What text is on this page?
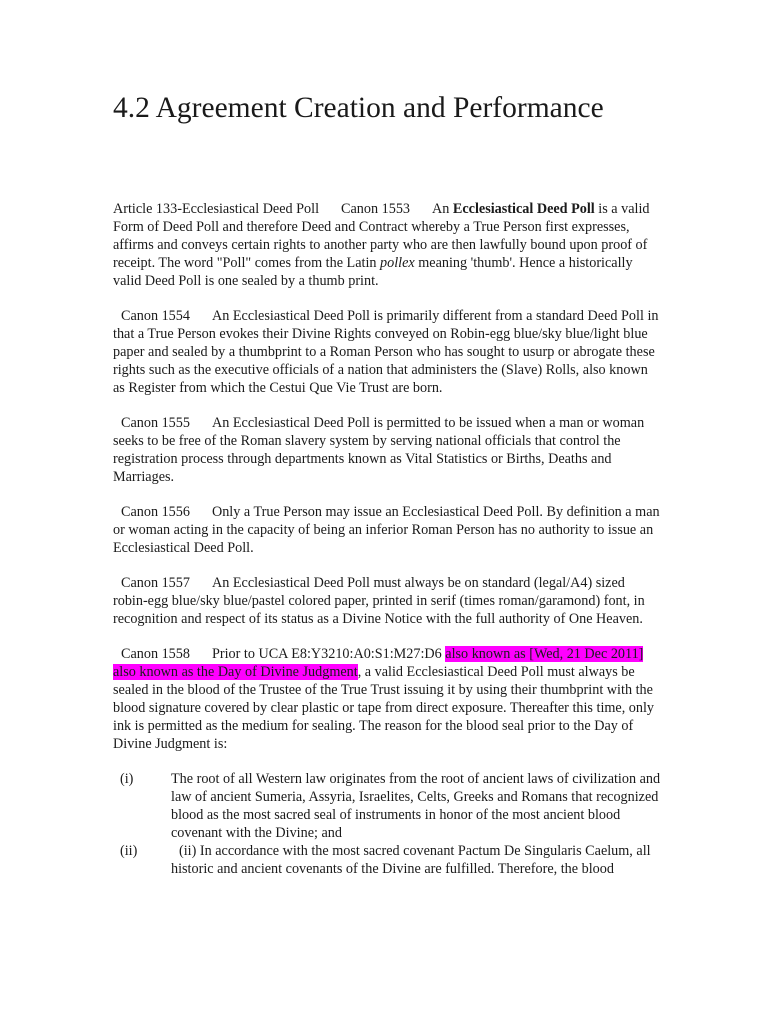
4.2 Agreement Creation and Performance

Article 133-Ecclesiastical Deed Poll Canon 1553 An Ecclesiastical Deed Poll is a valid Form of Deed Poll and therefore Deed and Contract whereby a True Person first expresses, affirms and conveys certain rights to another party who are then lawfully bound upon proof of receipt. The word "Poll" comes from the Latin pollex meaning 'thumb'. Hence a historically valid Deed Poll is one sealed by a thumb print.

Canon 1554 An Ecclesiastical Deed Poll is primarily different from a standard Deed Poll in that a True Person evokes their Divine Rights conveyed on Robin-egg blue/sky blue/light blue paper and sealed by a thumbprint to a Roman Person who has sought to usurp or abrogate these rights such as the executive officials of a nation that administers the (Slave) Rolls, also known as Register from which the Cestui Que Vie Trust are born.

Canon 1555 An Ecclesiastical Deed Poll is permitted to be issued when a man or woman seeks to be free of the Roman slavery system by serving national officials that control the registration process through departments known as Vital Statistics or Births, Deaths and Marriages.

Canon 1556 Only a True Person may issue an Ecclesiastical Deed Poll. By definition a man or woman acting in the capacity of being an inferior Roman Person has no authority to issue an Ecclesiastical Deed Poll.

Canon 1557 An Ecclesiastical Deed Poll must always be on standard (legal/A4) sized robin-egg blue/sky blue/pastel colored paper, printed in serif (times roman/garamond) font, in recognition and respect of its status as a Divine Notice with the full authority of One Heaven.

Canon 1558 Prior to UCA E8:Y3210:A0:S1:M27:D6 also known as [Wed, 21 Dec 2011] also known as the Day of Divine Judgment, a valid Ecclesiastical Deed Poll must always be sealed in the blood of the Trustee of the True Trust issuing it by using their thumbprint with the blood signature covered by clear plastic or tape from direct exposure. Thereafter this time, only ink is permitted as the medium for sealing. The reason for the blood seal prior to the Day of Divine Judgment is:

(i)	The root of all Western law originates from the root of ancient laws of civilization and law of ancient Sumeria, Assyria, Israelites, Celts, Greeks and Romans that recognized blood as the most sacred seal of instruments in honor of the most ancient blood covenant with the Divine; and
(ii)	(ii) In accordance with the most sacred covenant Pactum De Singularis Caelum, all historic and ancient covenants of the Divine are fulfilled. Therefore, the blood
